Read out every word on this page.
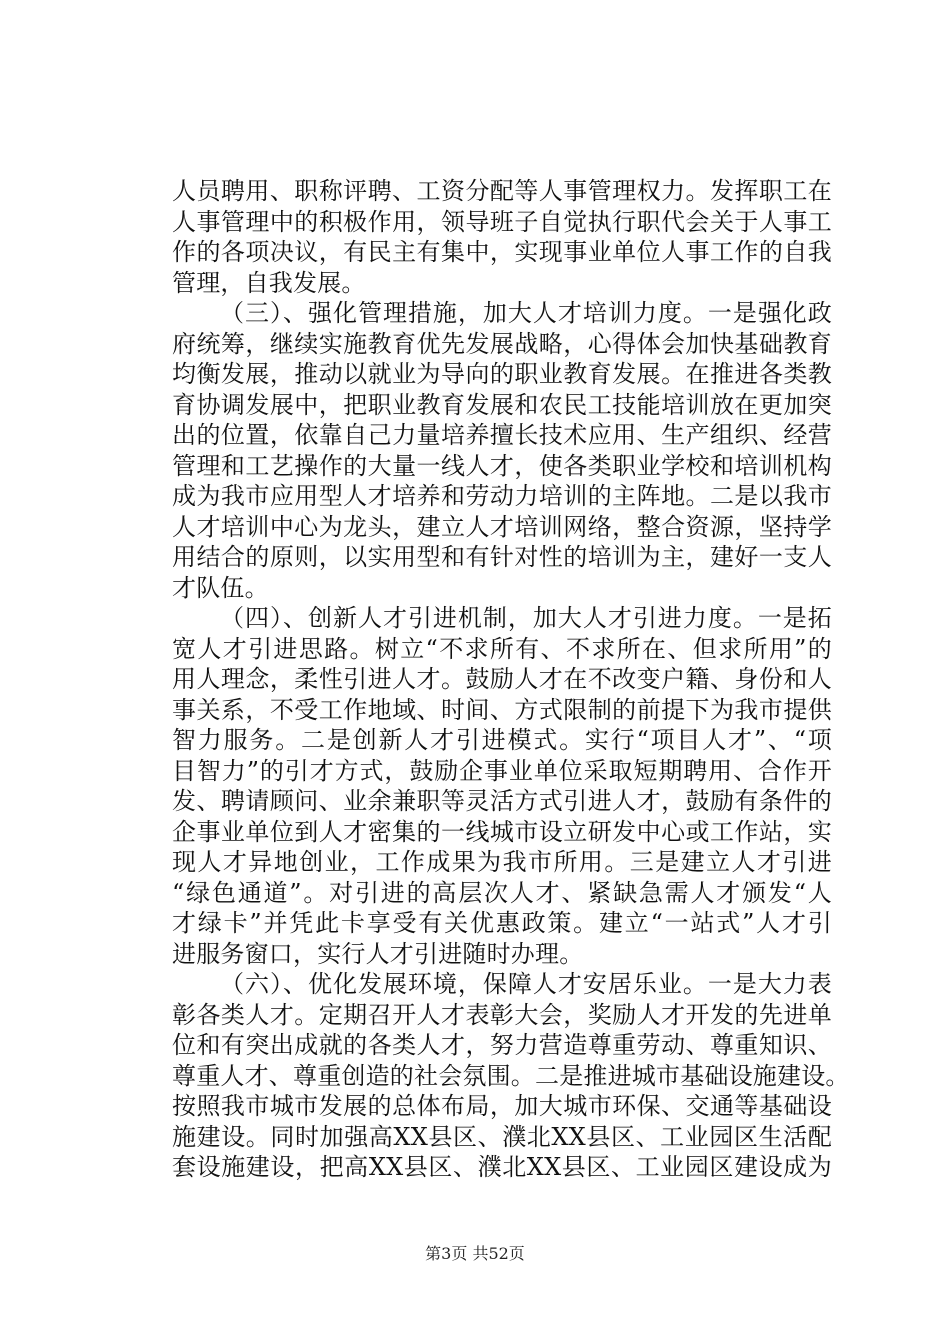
人员聘用、职称评聘、工资分配等人事管理权力。发挥职工在
人事管理中的积极作用，领导班子自觉执行职代会关于人事工
作的各项决议，有民主有集中，实现事业单位人事工作的自我
管理，自我发展。
（三）、强化管理措施，加大人才培训力度。一是强化政
府统筹，继续实施教育优先发展战略，心得体会加快基础教育
均衡发展，推动以就业为导向的职业教育发展。在推进各类教
育协调发展中，把职业教育发展和农民工技能培训放在更加突
出的位置，依靠自己力量培养擅长技术应用、生产组织、经营
管理和工艺操作的大量一线人才，使各类职业学校和培训机构
成为我市应用型人才培养和劳动力培训的主阵地。二是以我市
人才培训中心为龙头，建立人才培训网络，整合资源，坚持学
用结合的原则，以实用型和有针对性的培训为主，建好一支人
才队伍。
（四）、创新人才引进机制，加大人才引进力度。一是拓
宽人才引进思路。树立“不求所有、不求所在、但求所用”的
用人理念，柔性引进人才。鼓励人才在不改变户籍、身份和人
事关系，不受工作地域、时间、方式限制的前提下为我市提供
智力服务。二是创新人才引进模式。实行“项目人才”、“项
目智力”的引才方式，鼓励企事业单位采取短期聘用、合作开
发、聘请顾问、业余兼职等灵活方式引进人才，鼓励有条件的
企事业单位到人才密集的一线城市设立研发中心或工作站，实
现人才异地创业，工作成果为我市所用。三是建立人才引进
“绿色通道”。对引进的高层次人才、紧缺急需人才颁发“人
才绿卡”并凭此卡享受有关优惠政策。建立“一站式”人才引
进服务窗口，实行人才引进随时办理。
（六）、优化发展环境，保障人才安居乐业。一是大力表
彰各类人才。定期召开人才表彰大会，奖励人才开发的先进单
位和有突出成就的各类人才，努力营造尊重劳动、尊重知识、
尊重人才、尊重创造的社会氛围。二是推进城市基础设施建设。
按照我市城市发展的总体布局，加大城市环保、交通等基础设
施建设。同时加强高XX县区、濮北XX县区、工业园区生活配
套设施建设，把高XX县区、濮北XX县区、工业园区建设成为
第3页 共52页
